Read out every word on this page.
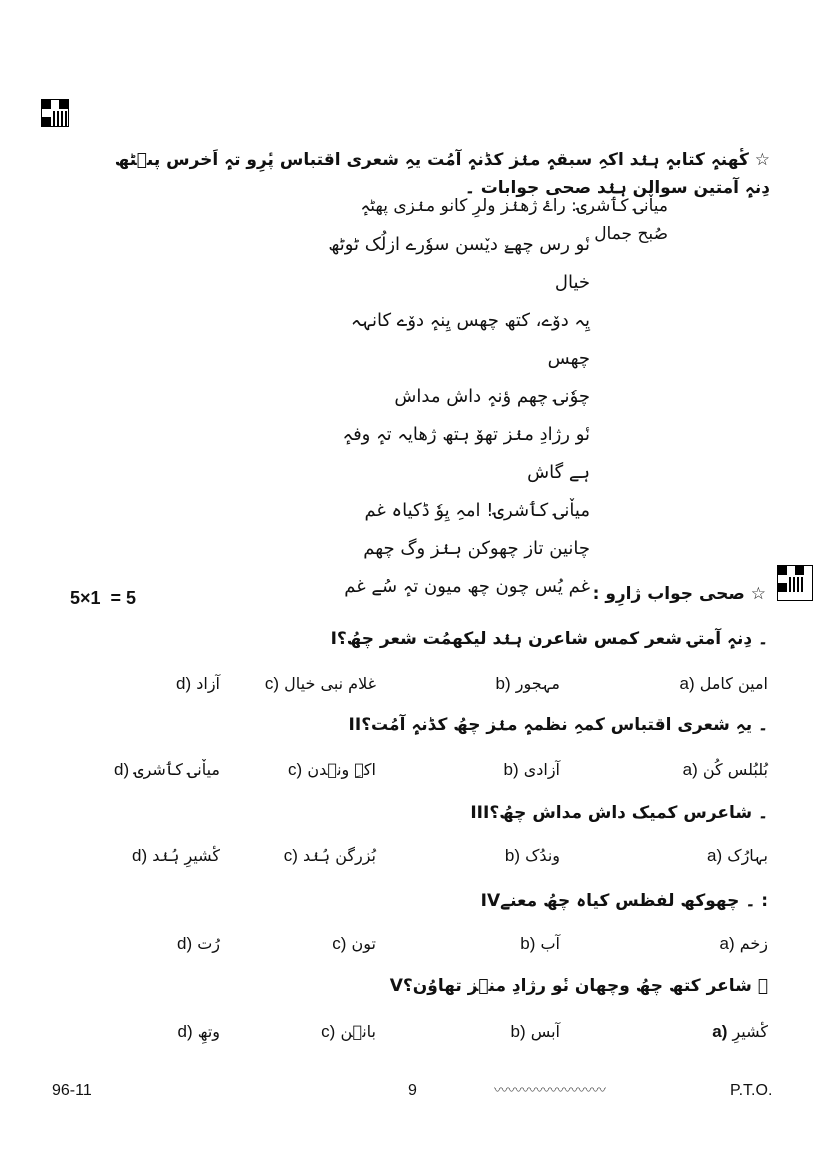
☆ کٔھنہٕ کتابہٕ ہنٛد اکہِ سبقہٕ منٛز کڈنہٕ آمُت یہِ شعری اقتباس پٔرِو تہٕ اَخرس پٮ۪ٹھ دِنہٕ آمتین سوالن ہنٛد صحی جوابات ۔
میاٚنۍ کٲشرۍ: راۓ ژھنٛز ولرِ کانو منٛزی پھٹہٕ صُبح جمال
نٔو رس چھےٚ دیٚسن سوٗرے ازلُک ٹوٹھ خیال
یِہ دوٚے، کتھ چھس یِنہٕ دوٚے کانہہ چھس
چوٗنۍ چھم ؤنہٕ داش مداش
نٔو رژادِ منٛز تھوٚ ہتھ ژھایہ تہٕ وفہٕ ہے گاش
میاٚنۍ کٲشرۍ! امہِ یِوٗ ڈکیاہ غم
چانین تاز چھوکن ہنٛز وگ چھم
غم یُس چون چھ میون تہٕ سُے غم
5×1  = 5	☆ صحی جواب ژارِو :
I۔ دِنہٕ آمتۍ شعر کمس شاعرن ہنٛد لیکھمُت شعر چھُ؟
a) امین کامل
b) مہجور
c) غلام نبی خیال
d) آزاد
II۔ یہِ شعری اقتباس کمہِ نظمہٕ منٛز چھُ کڈنہٕ آمُت؟
a) بُلبُلس کُن
b) آزادی
c) اکہِ ونٛدن
d) میاٚنۍ کٲشرۍ
III۔ شاعرس کمیک داش مداش چھُ؟
a) بہارُک
b) وندُک
c) بُزرگن ہُنٛد
d) کٔشیرِ ہُنٛد
IV۔ چھوکھ لفظس کیاہ چھُ معنے :
a) زخم
b) آب
c) تون
d) رُت
V۔ شاعر کتھ چھُ وچھان نٔو رژادِ منٛز تھاوُن؟
a) کٔشیرِ
b) آبس
c) بانٛن
d) وتھِ
96-11	9	〰〰〰〰〰〰〰〰	P.T.O.
